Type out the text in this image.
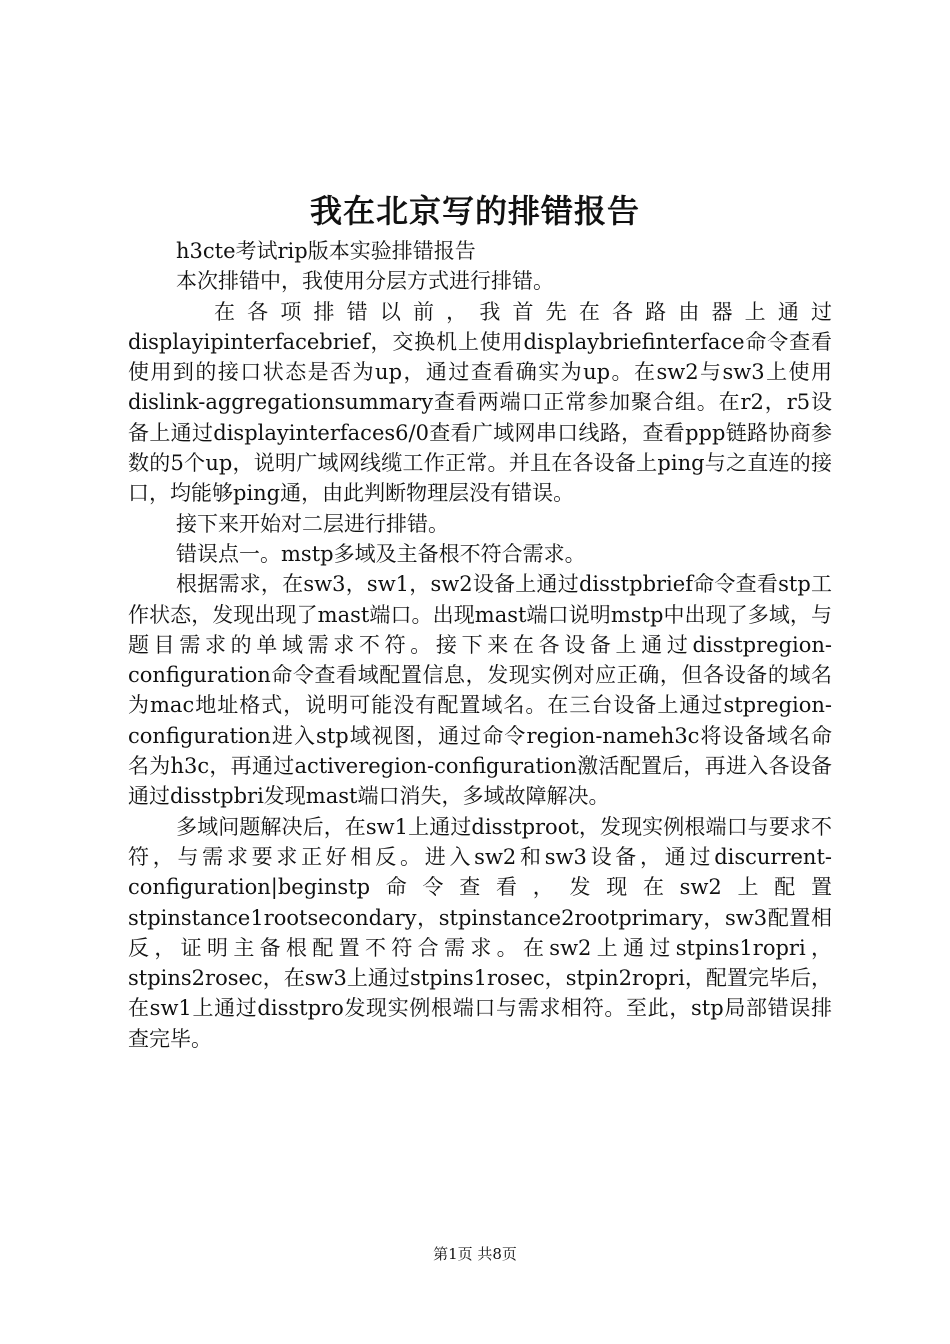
我在北京写的排错报告

h3cte考试rip版本实验排错报告

本次排错中，我使用分层方式进行排错。

在各项排错以前，我首先在各路由器上通过displayipinterfacebrief，交换机上使用displaybriefinterface命令查看使用到的接口状态是否为up，通过查看确实为up。在sw2与sw3上使用dislink-aggregationsummary查看两端口正常参加聚合组。在r2，r5设备上通过displayinterfaces6/0查看广域网串口线路，查看ppp链路协商参数的5个up，说明广域网线缆工作正常。并且在各设备上ping与之直连的接口，均能够ping通，由此判断物理层没有错误。

接下来开始对二层进行排错。

错误点一。mstp多域及主备根不符合需求。

根据需求，在sw3，sw1，sw2设备上通过disstpbrief命令查看stp工作状态，发现出现了mast端口。出现mast端口说明mstp中出现了多域，与题目需求的单域需求不符。接下来在各设备上通过disstpregion-configuration命令查看域配置信息，发现实例对应正确，但各设备的域名为mac地址格式，说明可能没有配置域名。在三台设备上通过stpregion-configuration进入stp域视图，通过命令region-nameh3c将设备域名命名为h3c，再通过activeregion-configuration激活配置后，再进入各设备通过disstpbri发现mast端口消失，多域故障解决。

多域问题解决后，在sw1上通过disstproot，发现实例根端口与要求不符，与需求要求正好相反。进入sw2和sw3设备，通过discurrent-configuration|beginstp命令查看，发现在sw2上配置stpinstance1rootsecondary，stpinstance2rootprimary，sw3配置相反，证明主备根配置不符合需求。在sw2上通过stpins1ropri，stpins2rosec，在sw3上通过stpins1rosec，stpin2ropri，配置完毕后，在sw1上通过disstpro发现实例根端口与需求相符。至此，stp局部错误排查完毕。

第1页 共8页
